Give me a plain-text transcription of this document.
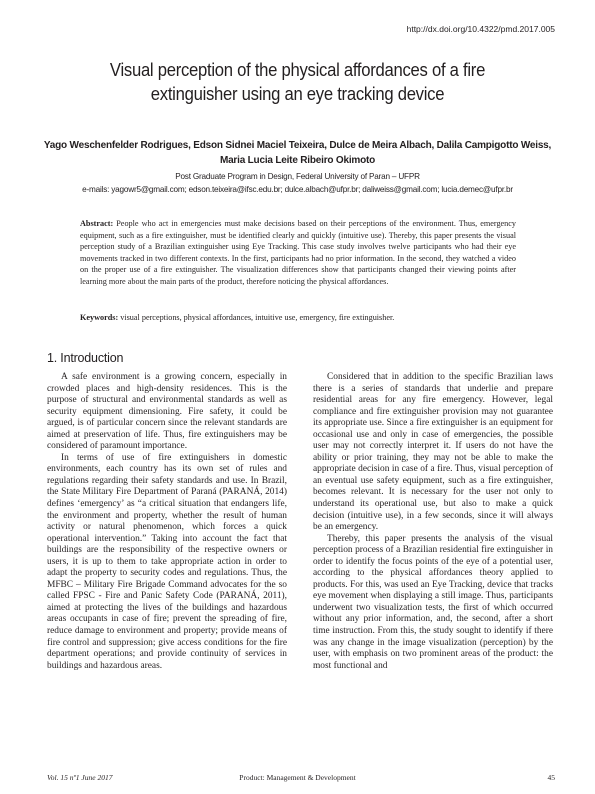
http://dx.doi.org/10.4322/pmd.2017.005
Visual perception of the physical affordances of a fire extinguisher using an eye tracking device
Yago Weschenfelder Rodrigues, Edson Sidnei Maciel Teixeira, Dulce de Meira Albach, Dalila Campigotto Weiss,
Maria Lucia Leite Ribeiro Okimoto
Post Graduate Program in Design, Federal University of Paran – UFPR
e-mails: yagowr5@gmail.com; edson.teixeira@ifsc.edu.br; dulce.albach@ufpr.br; daliweiss@gmail.com; lucia.demec@ufpr.br
Abstract: People who act in emergencies must make decisions based on their perceptions of the environment. Thus, emergency equipment, such as a fire extinguisher, must be identified clearly and quickly (intuitive use). Thereby, this paper presents the visual perception study of a Brazilian extinguisher using Eye Tracking. This case study involves twelve participants who had their eye movements tracked in two different contexts. In the first, participants had no prior information. In the second, they watched a video on the proper use of a fire extinguisher. The visualization differences show that participants changed their viewing points after learning more about the main parts of the product, therefore noticing the physical affordances.
Keywords: visual perceptions, physical affordances, intuitive use, emergency, fire extinguisher.
1. Introduction

A safe environment is a growing concern, especially in crowded places and high-density residences. This is the purpose of structural and environmental standards as well as security equipment dimensioning. Fire safety, it could be argued, is of particular concern since the relevant standards are aimed at preservation of life. Thus, fire extinguishers may be considered of paramount importance.

In terms of use of fire extinguishers in domestic environments, each country has its own set of rules and regulations regarding their safety standards and use. In Brazil, the State Military Fire Department of Paraná (PARANÁ, 2014) defines ‘emergency’ as “a critical situation that endangers life, the environment and property, whether the result of human activity or natural phenomenon, which forces a quick operational intervention.” Taking into account the fact that buildings are the responsibility of the respective owners or users, it is up to them to take appropriate action in order to adapt the property to security codes and regulations. Thus, the MFBC – Military Fire Brigade Command advocates for the so called FPSC - Fire and Panic Safety Code (PARANÁ, 2011), aimed at protecting the lives of the buildings and hazardous areas occupants in case of fire; prevent the spreading of fire, reduce damage to environment and property; provide means of fire control and suppression; give access conditions for the fire department operations; and provide continuity of services in buildings and hazardous areas.

Considered that in addition to the specific Brazilian laws there is a series of standards that underlie and prepare residential areas for any fire emergency. However, legal compliance and fire extinguisher provision may not guarantee its appropriate use. Since a fire extinguisher is an equipment for occasional use and only in case of emergencies, the possible user may not correctly interpret it. If users do not have the ability or prior training, they may not be able to make the appropriate decision in case of a fire. Thus, visual perception of an eventual use safety equipment, such as a fire extinguisher, becomes relevant. It is necessary for the user not only to understand its operational use, but also to make a quick decision (intuitive use), in a few seconds, since it will always be an emergency.

Thereby, this paper presents the analysis of the visual perception process of a Brazilian residential fire extinguisher in order to identify the focus points of the eye of a potential user, according to the physical affordances theory applied to products. For this, was used an Eye Tracking, device that tracks eye movement when displaying a still image. Thus, participants underwent two visualization tests, the first of which occurred without any prior information, and, the second, after a short time instruction. From this, the study sought to identify if there was any change in the image visualization (perception) by the user, with emphasis on two prominent areas of the product: the most functional and

Vol. 15 nº1 June 2017	Product: Management & Development	45
